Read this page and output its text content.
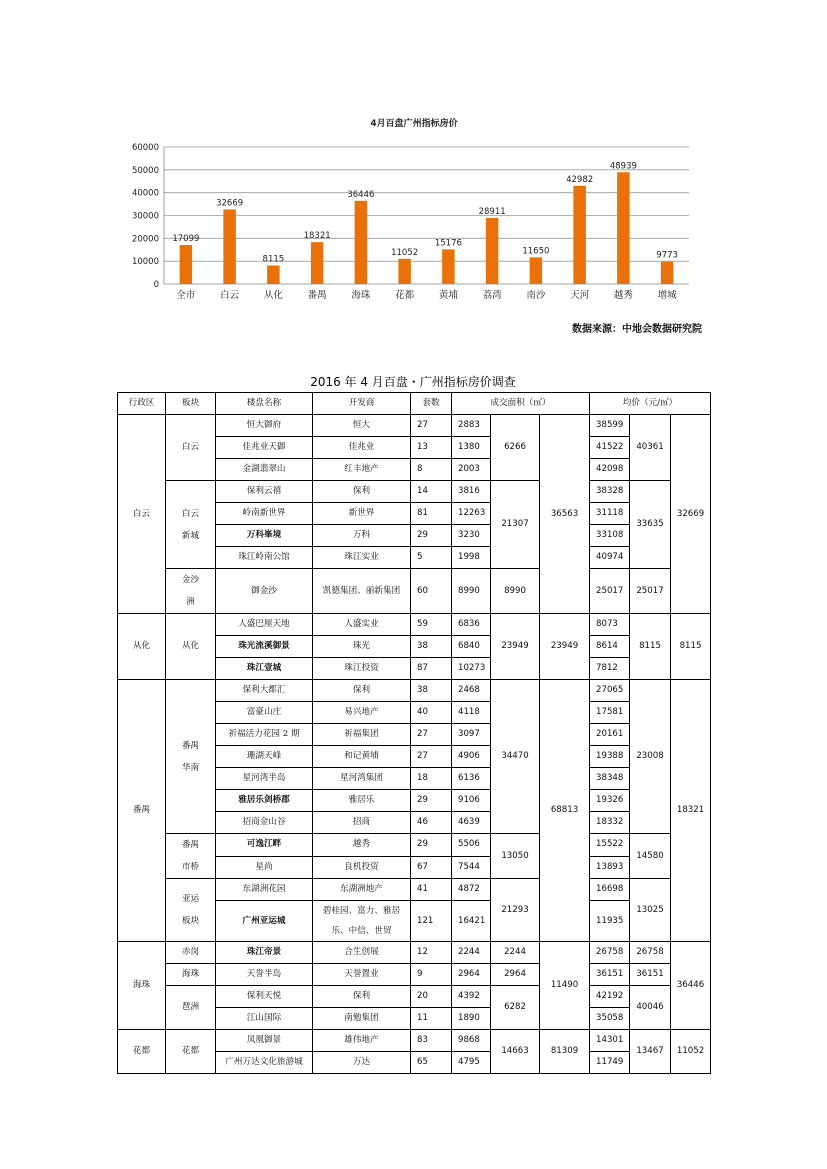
4月百盘广州指标房价
0
10000
20000
30000
40000
50000
60000
17099
32669
8115
18321
36446
11052
15176
28911
11650
42982
48939
9773
全市	白云	从化	番禺	海珠	花都	黄埔	荔湾	南沙	天河	越秀	增城
数据来源：中地会数据研究院
2016 年 4 月百盘・广州指标房价调查
行政区	板块	楼盘名称	开发商	套数	成交面积（㎡）			均价（元/㎡）		
白云	白云	恒大御府	恒大	27	2883	6266	36563	38599	40361	32669
		佳兆业天御	佳兆业	13	1380			41522		
		金湖翡翠山	红丰地产	8	2003			42098		
	白云新城	保利云禧	保利	14	3816	21307		38328	33635	
		岭南新世界	新世界	81	12263			31118		
		万科峯境	万科	29	3230			33108		
		珠江岭南公馆	珠江实业	5	1998			40974		
	金沙洲	御金沙	凯德集团、丽新集团	60	8990	8990		25017	25017	
从化	从化	人盛巴厘天地	人盛实业	59	6836	23949	23949	8073	8115	8115
		珠光流溪御景	珠光	38	6840			8614		
		珠江壹城	珠江投资	87	10273			7812		
番禺	番禺华南	保利大都汇	保利	38	2468	34470	68813	27065	23008	18321
		富豪山庄	易兴地产	40	4118			17581		
		祈福活力花园 2 期	祈福集团	27	3097			20161		
		珊湖天峰	和记黄埔	27	4906			19388		
		星河湾半岛	星河湾集团	18	6136			38348		
		雅居乐剑桥郡	雅居乐	29	9106			19326		
		招商金山谷	招商	46	4639			18332		
	番禺市桥	可逸江畔	越秀	29	5506	13050		15522	14580	
		星尚	良机投资	67	7544			13893		
	亚运板块	东湖洲花园	东湖洲地产	41	4872	21293		16698	13025	
		广州亚运城	碧桂园、富力、雅居乐、中信、世贸	121	16421			11935		
海珠	赤岗	珠江帝景	合生创展	12	2244	2244	11490	26758	26758	36446
	海珠	天誉半岛	天誉置业	9	2964	2964		36151	36151	
	琶洲	保利天悦	保利	20	4392	6282		42192	40046	
		江山国际	南勉集团	11	1890			35058		
花都	花都	凤凰御景	雄伟地产	83	9868	14663	81309	14301	13467	11052
		广州万达文化旅游城	万达	65	4795			11749		
